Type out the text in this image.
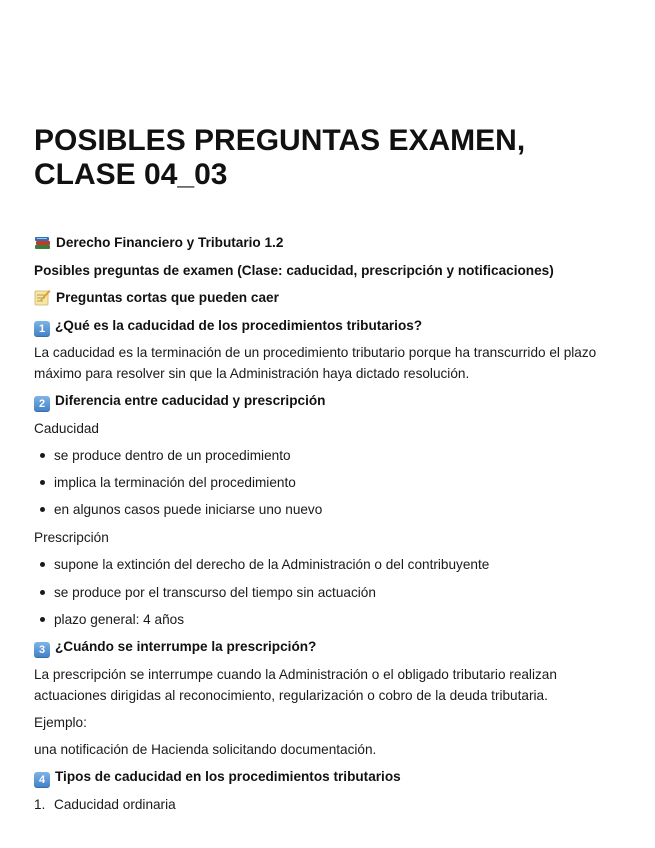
POSIBLES PREGUNTAS EXAMEN,
CLASE 04_03
Derecho Financiero y Tributario 1.2
Posibles preguntas de examen (Clase: caducidad, prescripción y notificaciones)
Preguntas cortas que pueden caer
1 ¿Qué es la caducidad de los procedimientos tributarios?
La caducidad es la terminación de un procedimiento tributario porque ha transcurrido el plazo
máximo para resolver sin que la Administración haya dictado resolución.
2 Diferencia entre caducidad y prescripción
Caducidad
se produce dentro de un procedimiento
implica la terminación del procedimiento
en algunos casos puede iniciarse uno nuevo
Prescripción
supone la extinción del derecho de la Administración o del contribuyente
se produce por el transcurso del tiempo sin actuación
plazo general: 4 años
3 ¿Cuándo se interrumpe la prescripción?
La prescripción se interrumpe cuando la Administración o el obligado tributario realizan
actuaciones dirigidas al reconocimiento, regularización o cobro de la deuda tributaria.
Ejemplo:
una notificación de Hacienda solicitando documentación.
4 Tipos de caducidad en los procedimientos tributarios
1. Caducidad ordinaria
